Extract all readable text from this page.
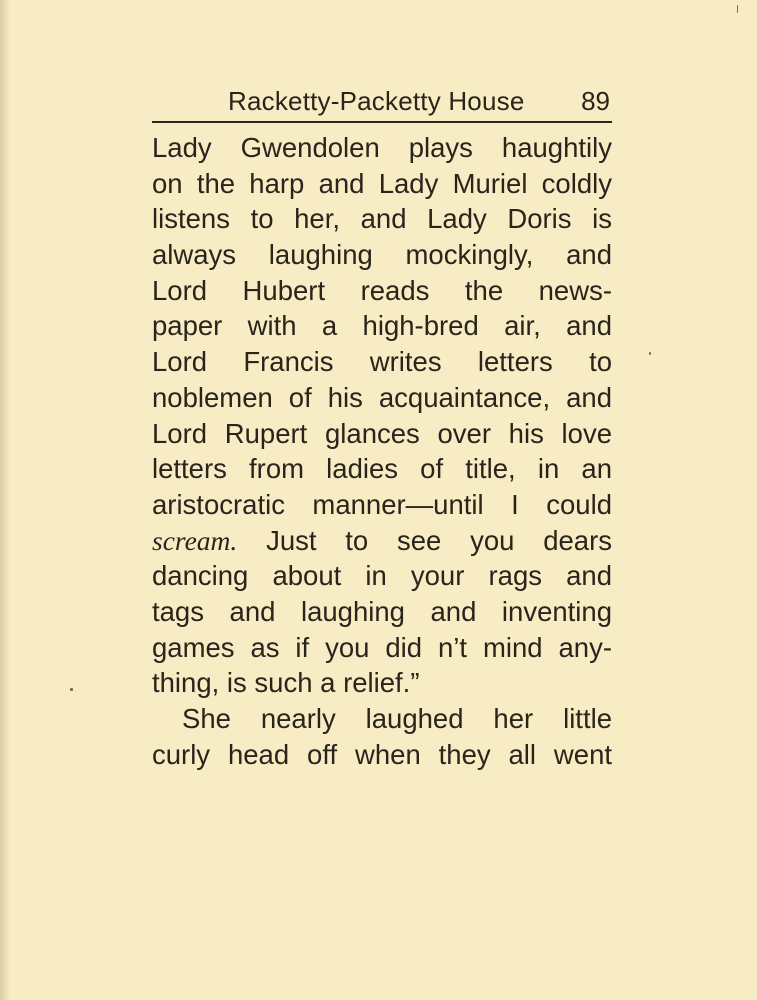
Racketty-Packetty House 89
Lady Gwendolen plays haughtily
on the harp and Lady Muriel coldly
listens to her, and Lady Doris is
always laughing mockingly, and
Lord Hubert reads the news-
paper with a high-bred air, and
Lord Francis writes letters to
noblemen of his acquaintance, and
Lord Rupert glances over his love
letters from ladies of title, in an
aristocratic manner—until I could
scream. Just to see you dears
dancing about in your rags and
tags and laughing and inventing
games as if you did n’t mind any-
thing, is such a relief.”
She nearly laughed her little
curly head off when they all went
